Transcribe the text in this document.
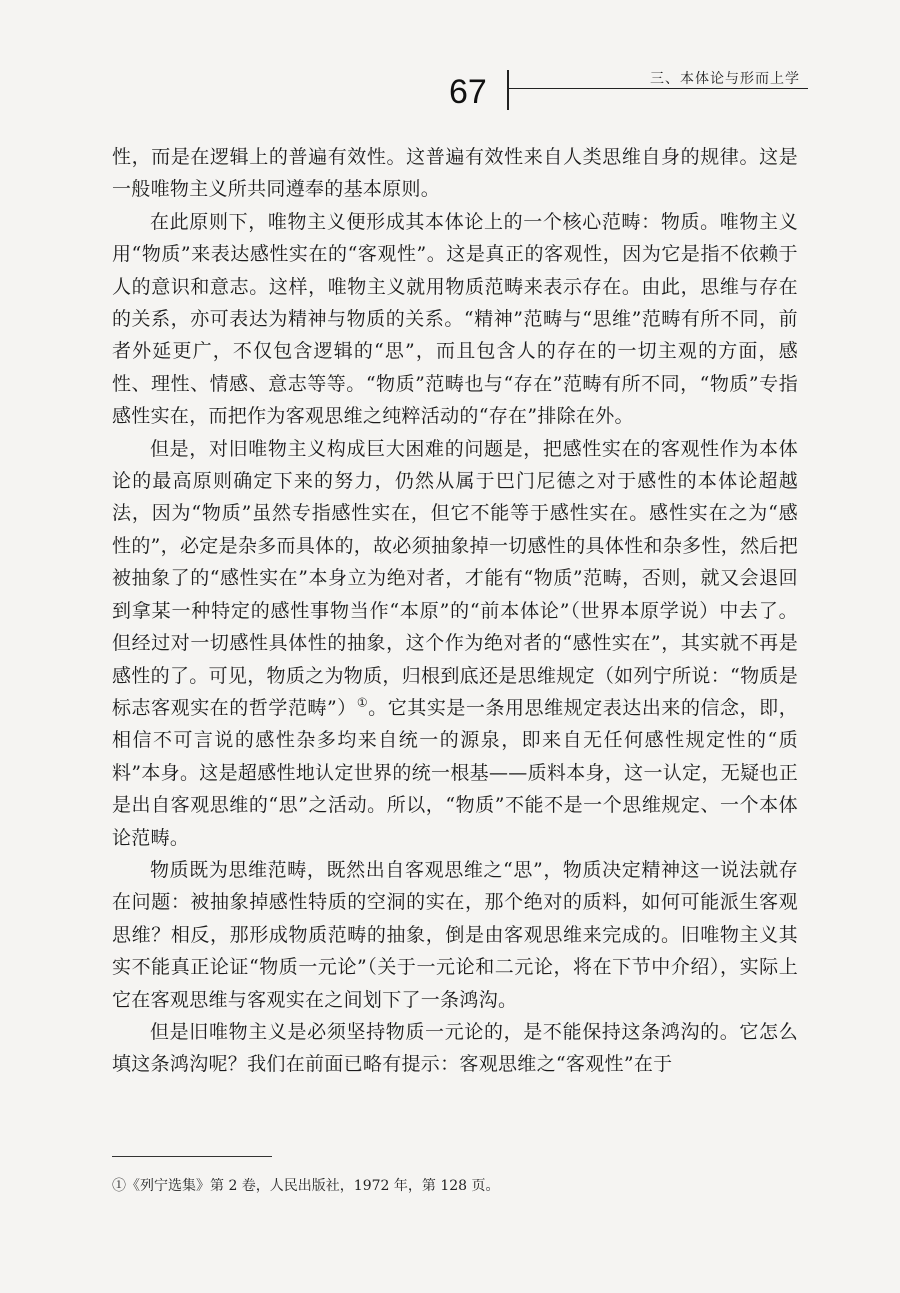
67	三、本体论与形而上学

性，而是在逻辑上的普遍有效性。这普遍有效性来自人类思维自身的规律。这是一般唯物主义所共同遵奉的基本原则。

在此原则下，唯物主义便形成其本体论上的一个核心范畴：物质。唯物主义用“物质”来表达感性实在的“客观性”。这是真正的客观性，因为它是指不依赖于人的意识和意志。这样，唯物主义就用物质范畴来表示存在。由此，思维与存在的关系，亦可表达为精神与物质的关系。“精神”范畴与“思维”范畴有所不同，前者外延更广，不仅包含逻辑的“思”，而且包含人的存在的一切主观的方面，感性、理性、情感、意志等等。“物质”范畴也与“存在”范畴有所不同，“物质”专指感性实在，而把作为客观思维之纯粹活动的“存在”排除在外。

但是，对旧唯物主义构成巨大困难的问题是，把感性实在的客观性作为本体论的最高原则确定下来的努力，仍然从属于巴门尼德之对于感性的本体论超越法，因为“物质”虽然专指感性实在，但它不能等于感性实在。感性实在之为“感性的”，必定是杂多而具体的，故必须抽象掉一切感性的具体性和杂多性，然后把被抽象了的“感性实在”本身立为绝对者，才能有“物质”范畴，否则，就又会退回到拿某一种特定的感性事物当作“本原”的“前本体论”（世界本原学说）中去了。但经过对一切感性具体性的抽象，这个作为绝对者的“感性实在”，其实就不再是感性的了。可见，物质之为物质，归根到底还是思维规定（如列宁所说：“物质是标志客观实在的哲学范畴”）①。它其实是一条用思维规定表达出来的信念，即，相信不可言说的感性杂多均来自统一的源泉，即来自无任何感性规定性的“质料”本身。这是超感性地认定世界的统一根基——质料本身，这一认定，无疑也正是出自客观思维的“思”之活动。所以，“物质”不能不是一个思维规定、一个本体论范畴。

物质既为思维范畴，既然出自客观思维之“思”，物质决定精神这一说法就存在问题：被抽象掉感性特质的空洞的实在，那个绝对的质料，如何可能派生客观思维？相反，那形成物质范畴的抽象，倒是由客观思维来完成的。旧唯物主义其实不能真正论证“物质一元论”（关于一元论和二元论，将在下节中介绍），实际上它在客观思维与客观实在之间划下了一条鸿沟。

但是旧唯物主义是必须坚持物质一元论的，是不能保持这条鸿沟的。它怎么填这条鸿沟呢？我们在前面已略有提示：客观思维之“客观性”在于

①《列宁选集》第 2 卷，人民出版社，1972 年，第 128 页。
